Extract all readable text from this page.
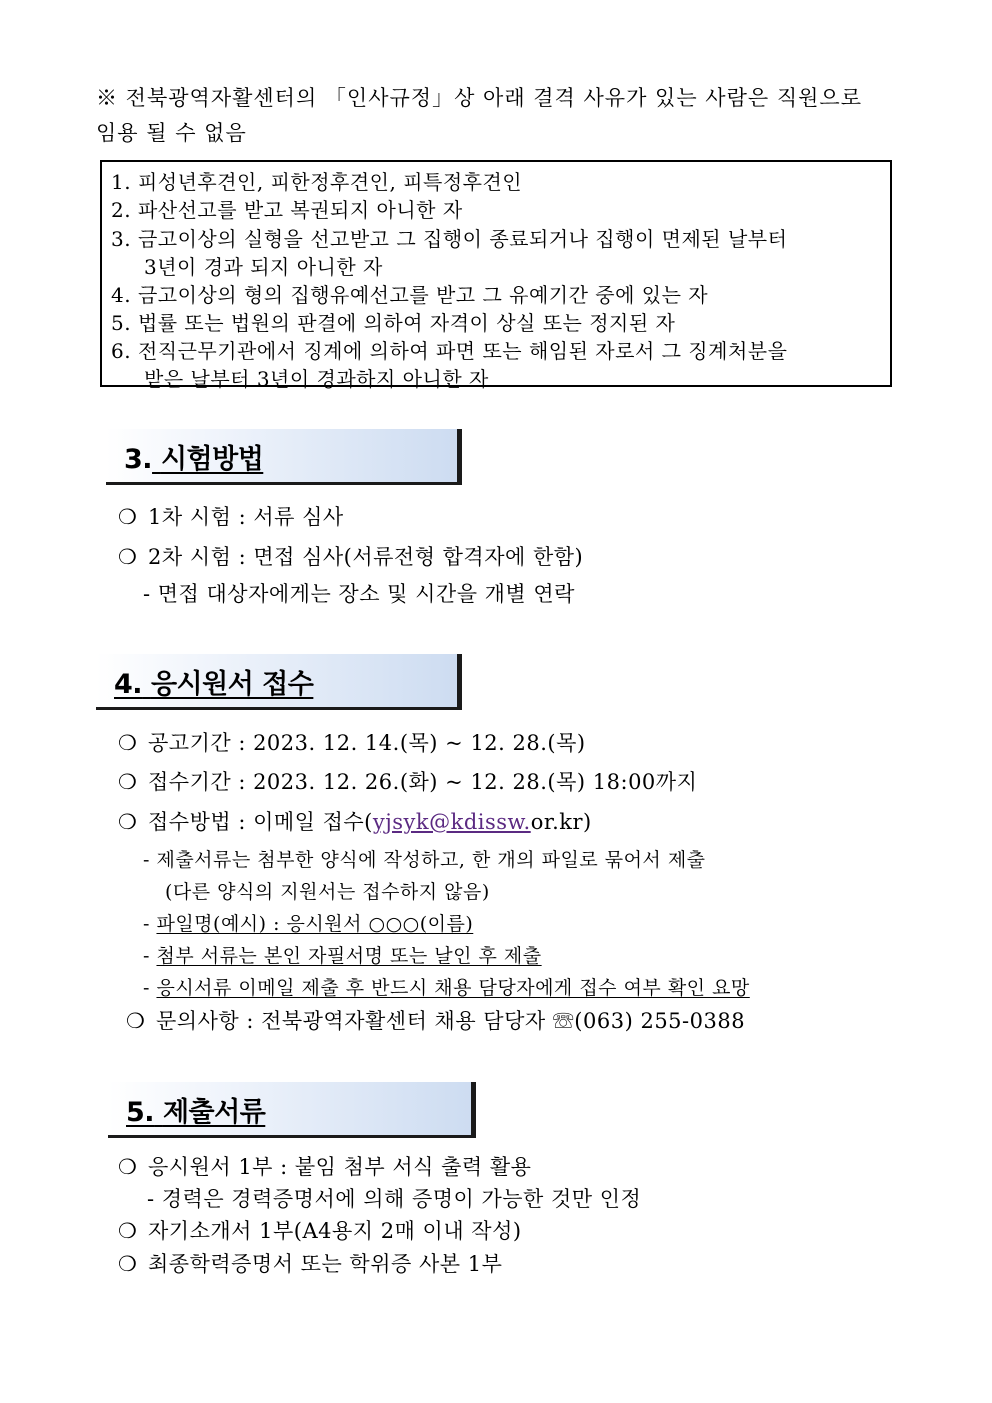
※ 전북광역자활센터의 「인사규정」상 아래 결격 사유가 있는 사람은 직원으로
임용 될 수 없음
1. 피성년후견인, 피한정후견인, 피특정후견인
2. 파산선고를 받고 복권되지 아니한 자
3. 금고이상의 실형을 선고받고 그 집행이 종료되거나 집행이 면제된 날부터
3년이 경과 되지 아니한 자
4. 금고이상의 형의 집행유예선고를 받고 그 유예기간 중에 있는 자
5. 법률 또는 법원의 판결에 의하여 자격이 상실 또는 정지된 자
6. 전직근무기관에서 징계에 의하여 파면 또는 해임된 자로서 그 징계처분을
받은 날부터 3년이 경과하지 아니한 자
3. 시험방법
❍ 1차 시험 : 서류 심사
❍ 2차 시험 : 면접 심사(서류전형 합격자에 한함)
- 면접 대상자에게는 장소 및 시간을 개별 연락
4. 응시원서 접수
❍ 공고기간 : 2023. 12. 14.(목) ~ 12. 28.(목)
❍ 접수기간 : 2023. 12. 26.(화) ~ 12. 28.(목) 18:00까지
❍ 접수방법 : 이메일 접수(yjsyk@kdissw.or.kr)
- 제출서류는 첨부한 양식에 작성하고, 한 개의 파일로 묶어서 제출
(다른 양식의 지원서는 접수하지 않음)
- 파일명(예시) : 응시원서 ○○○(이름)
- 첨부 서류는 본인 자필서명 또는 날인 후 제출
- 응시서류 이메일 제출 후 반드시 채용 담당자에게 접수 여부 확인 요망
❍ 문의사항 : 전북광역자활센터 채용 담당자 ☏(063) 255-0388
5. 제출서류
❍ 응시원서 1부 : 붙임 첨부 서식 출력 활용
- 경력은 경력증명서에 의해 증명이 가능한 것만 인정
❍ 자기소개서 1부(A4용지 2매 이내 작성)
❍ 최종학력증명서 또는 학위증 사본 1부
